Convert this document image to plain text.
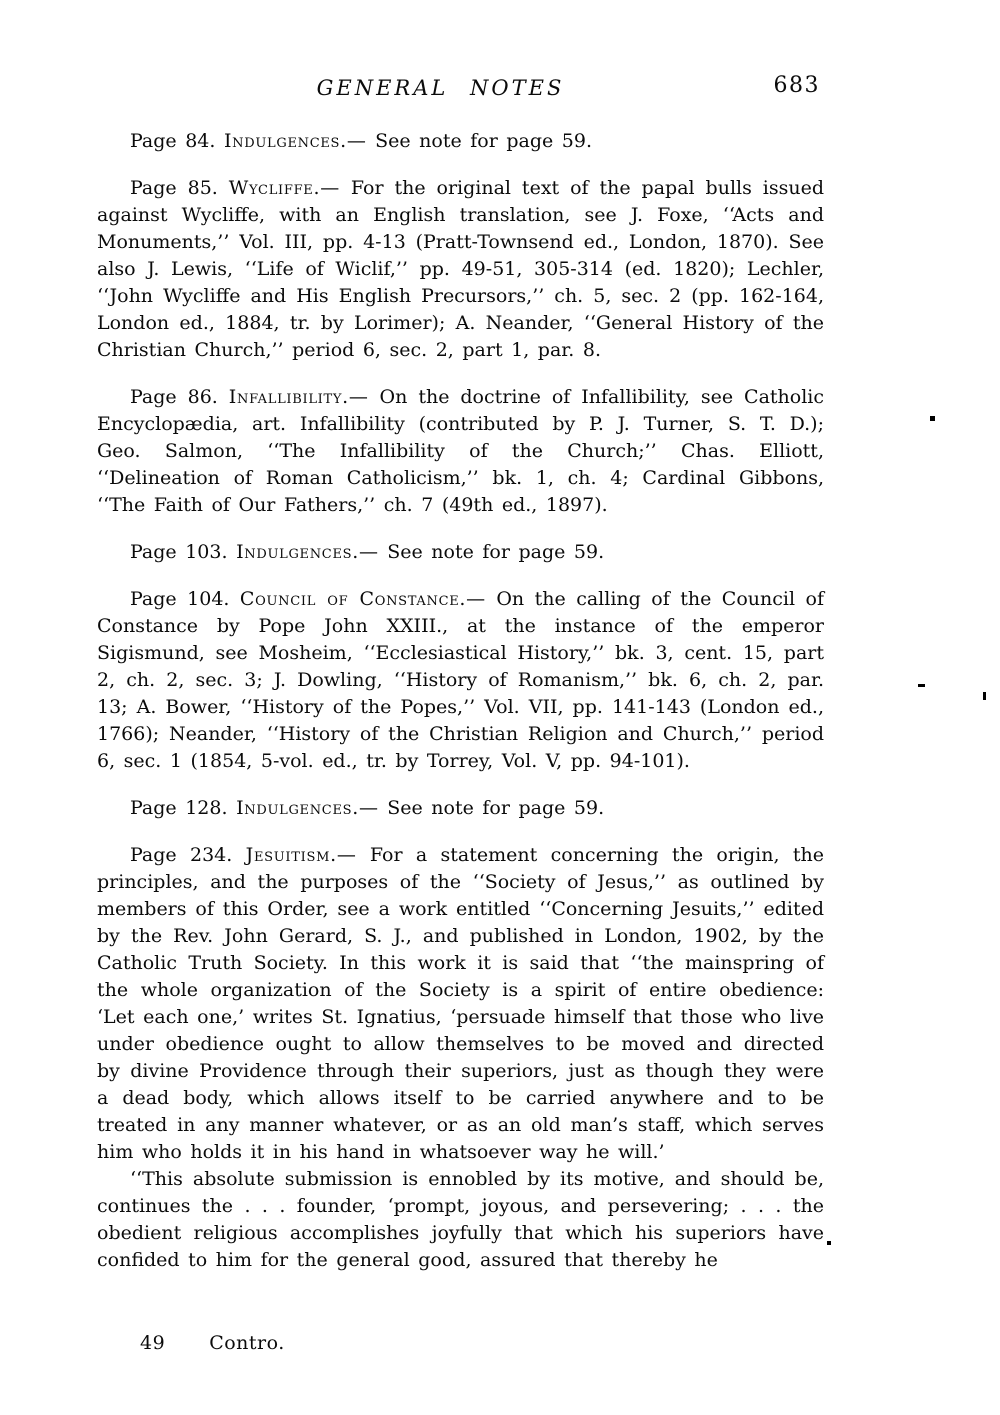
GENERAL NOTES	683

Page 84. Indulgences.— See note for page 59.

Page 85. Wycliffe.— For the original text of the papal bulls issued against Wycliffe, with an English translation, see J. Foxe, ‘‘Acts and Monuments,’’ Vol. III, pp. 4-13 (Pratt-Townsend ed., London, 1870). See also J. Lewis, ‘‘Life of Wiclif,’’ pp. 49-51, 305-314 (ed. 1820); Lechler, ‘‘John Wycliffe and His English Precursors,’’ ch. 5, sec. 2 (pp. 162-164, London ed., 1884, tr. by Lorimer); A. Neander, ‘‘General History of the Christian Church,’’ period 6, sec. 2, part 1, par. 8.

Page 86. Infallibility.— On the doctrine of Infallibility, see Catholic Encyclopædia, art. Infallibility (contributed by P. J. Turner, S. T. D.); Geo. Salmon, ‘‘The Infallibility of the Church;’’ Chas. Elliott, ‘‘Delineation of Roman Catholicism,’’ bk. 1, ch. 4; Cardinal Gibbons, ‘‘The Faith of Our Fathers,’’ ch. 7 (49th ed., 1897).

Page 103. Indulgences.— See note for page 59.

Page 104. Council of Constance.— On the calling of the Council of Constance by Pope John XXIII., at the instance of the emperor Sigismund, see Mosheim, ‘‘Ecclesiastical History,’’ bk. 3, cent. 15, part 2, ch. 2, sec. 3; J. Dowling, ‘‘History of Romanism,’’ bk. 6, ch. 2, par. 13; A. Bower, ‘‘History of the Popes,’’ Vol. VII, pp. 141-143 (London ed., 1766); Neander, ‘‘History of the Christian Religion and Church,’’ period 6, sec. 1 (1854, 5-vol. ed., tr. by Torrey, Vol. V, pp. 94-101).

Page 128. Indulgences.— See note for page 59.

Page 234. Jesuitism.— For a statement concerning the origin, the principles, and the purposes of the ‘‘Society of Jesus,’’ as outlined by members of this Order, see a work entitled ‘‘Concerning Jesuits,’’ edited by the Rev. John Gerard, S. J., and published in London, 1902, by the Catholic Truth Society. In this work it is said that ‘‘the mainspring of the whole organization of the Society is a spirit of entire obedience: ‘Let each one,’ writes St. Ignatius, ‘persuade himself that those who live under obedience ought to allow themselves to be moved and directed by divine Providence through their superiors, just as though they were a dead body, which allows itself to be carried anywhere and to be treated in any manner whatever, or as an old man’s staff, which serves him who holds it in his hand in whatsoever way he will.’

‘‘This absolute submission is ennobled by its motive, and should be, continues the . . . founder, ‘prompt, joyous, and persevering; . . . the obedient religious accomplishes joyfully that which his superiors have confided to him for the general good, assured that thereby he

49 Contro.
